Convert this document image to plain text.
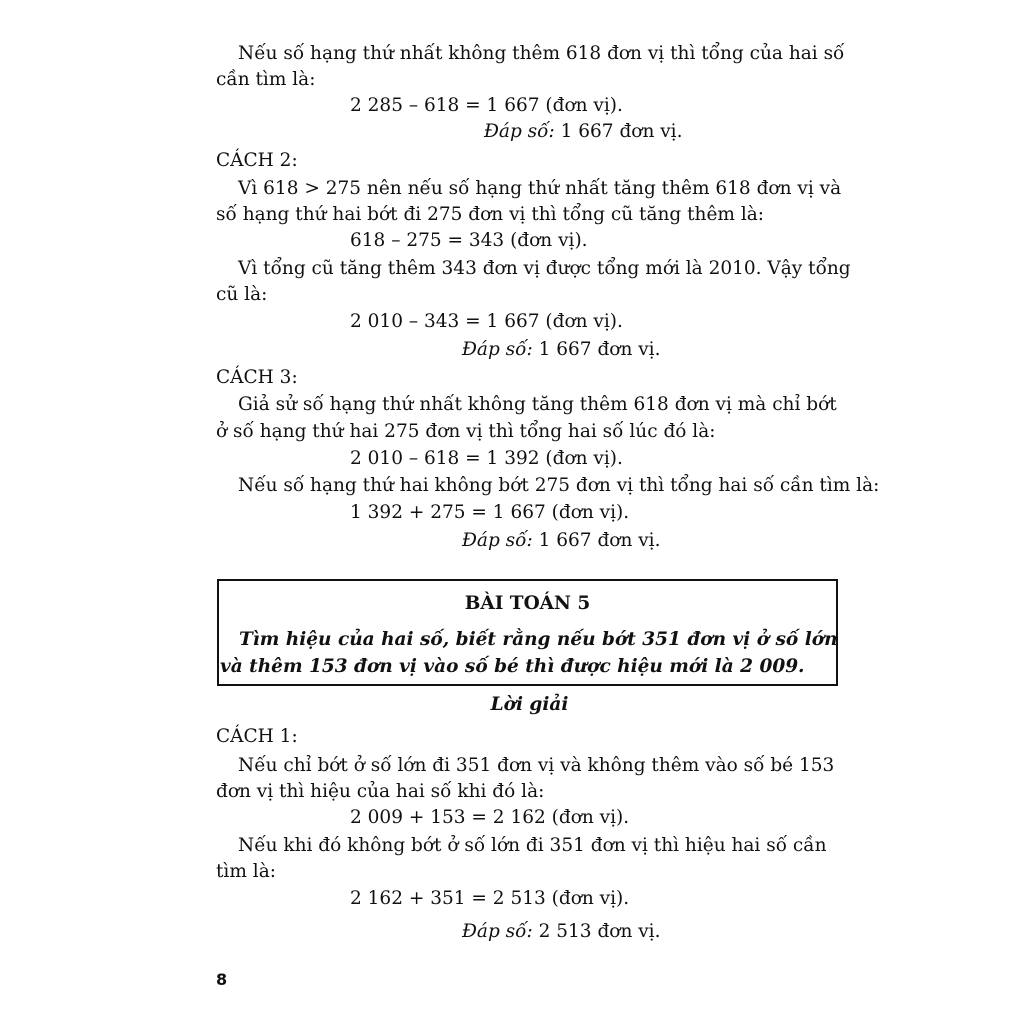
Nếu số hạng thứ nhất không thêm 618 đơn vị thì tổng của hai số
cần tìm là:
2 285 – 618 = 1 667 (đơn vị).
Đáp số: 1 667 đơn vị.
CÁCH 2:
Vì 618 > 275 nên nếu số hạng thứ nhất tăng thêm 618 đơn vị và
số hạng thứ hai bớt đi 275 đơn vị thì tổng cũ tăng thêm là:
618 – 275 = 343 (đơn vị).
Vì tổng cũ tăng thêm 343 đơn vị được tổng mới là 2010. Vậy tổng
cũ là:
2 010 – 343 = 1 667 (đơn vị).
Đáp số: 1 667 đơn vị.
CÁCH 3:
Giả sử số hạng thứ nhất không tăng thêm 618 đơn vị mà chỉ bớt
ở số hạng thứ hai 275 đơn vị thì tổng hai số lúc đó là:
2 010 – 618 = 1 392 (đơn vị).
Nếu số hạng thứ hai không bớt 275 đơn vị thì tổng hai số cần tìm là:
1 392 + 275 = 1 667 (đơn vị).
Đáp số: 1 667 đơn vị.
BÀI TOÁN 5
Tìm hiệu của hai số, biết rằng nếu bớt 351 đơn vị ở số lớn
và thêm 153 đơn vị vào số bé thì được hiệu mới là 2 009.
Lời giải
CÁCH 1:
Nếu chỉ bớt ở số lớn đi 351 đơn vị và không thêm vào số bé 153
đơn vị thì hiệu của hai số khi đó là:
2 009 + 153 = 2 162 (đơn vị).
Nếu khi đó không bớt ở số lớn đi 351 đơn vị thì hiệu hai số cần
tìm là:
2 162 + 351 = 2 513 (đơn vị).
Đáp số: 2 513 đơn vị.
8
